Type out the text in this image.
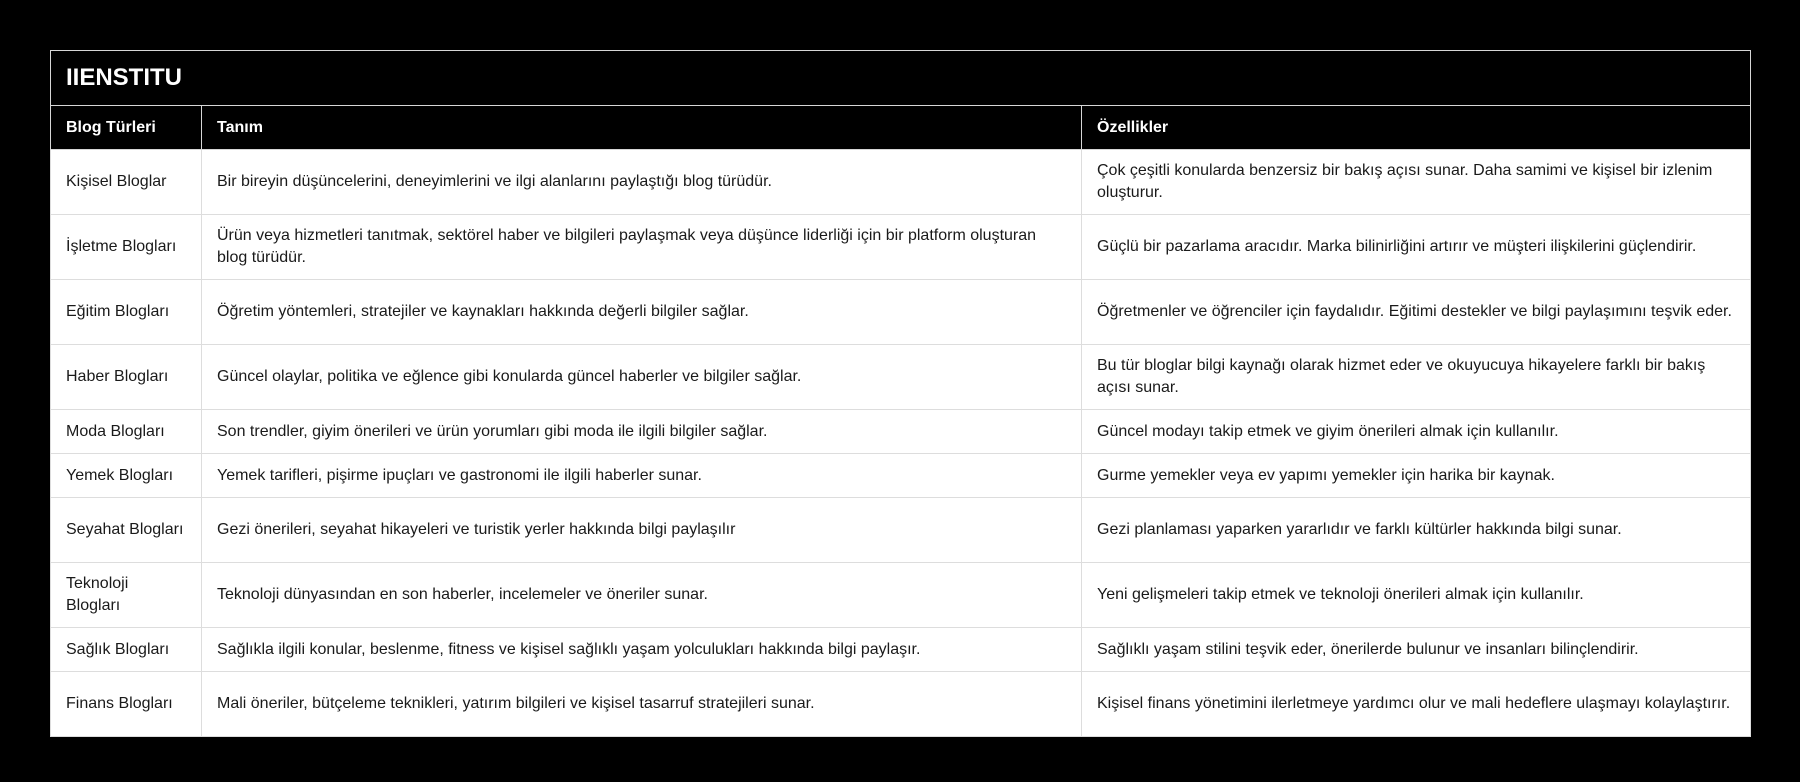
IIENSTITU		
Blog Türleri	Tanım	Özellikler
Kişisel Bloglar	Bir bireyin düşüncelerini, deneyimlerini ve ilgi alanlarını paylaştığı blog türüdür.	Çok çeşitli konularda benzersiz bir bakış açısı sunar. Daha samimi ve kişisel bir izlenim oluşturur.
İşletme Blogları	Ürün veya hizmetleri tanıtmak, sektörel haber ve bilgileri paylaşmak veya düşünce liderliği için bir platform oluşturan blog türüdür.	Güçlü bir pazarlama aracıdır. Marka bilinirliğini artırır ve müşteri ilişkilerini güçlendirir.
Eğitim Blogları	Öğretim yöntemleri, stratejiler ve kaynakları hakkında değerli bilgiler sağlar.	Öğretmenler ve öğrenciler için faydalıdır. Eğitimi destekler ve bilgi paylaşımını teşvik eder.
Haber Blogları	Güncel olaylar, politika ve eğlence gibi konularda güncel haberler ve bilgiler sağlar.	Bu tür bloglar bilgi kaynağı olarak hizmet eder ve okuyucuya hikayelere farklı bir bakış açısı sunar.
Moda Blogları	Son trendler, giyim önerileri ve ürün yorumları gibi moda ile ilgili bilgiler sağlar.	Güncel modayı takip etmek ve giyim önerileri almak için kullanılır.
Yemek Blogları	Yemek tarifleri, pişirme ipuçları ve gastronomi ile ilgili haberler sunar.	Gurme yemekler veya ev yapımı yemekler için harika bir kaynak.
Seyahat Blogları	Gezi önerileri, seyahat hikayeleri ve turistik yerler hakkında bilgi paylaşılır	Gezi planlaması yaparken yararlıdır ve farklı kültürler hakkında bilgi sunar.
Teknoloji Blogları	Teknoloji dünyasından en son haberler, incelemeler ve öneriler sunar.	Yeni gelişmeleri takip etmek ve teknoloji önerileri almak için kullanılır.
Sağlık Blogları	Sağlıkla ilgili konular, beslenme, fitness ve kişisel sağlıklı yaşam yolculukları hakkında bilgi paylaşır.	Sağlıklı yaşam stilini teşvik eder, önerilerde bulunur ve insanları bilinçlendirir.
Finans Blogları	Mali öneriler, bütçeleme teknikleri, yatırım bilgileri ve kişisel tasarruf stratejileri sunar.	Kişisel finans yönetimini ilerletmeye yardımcı olur ve mali hedeflere ulaşmayı kolaylaştırır.
